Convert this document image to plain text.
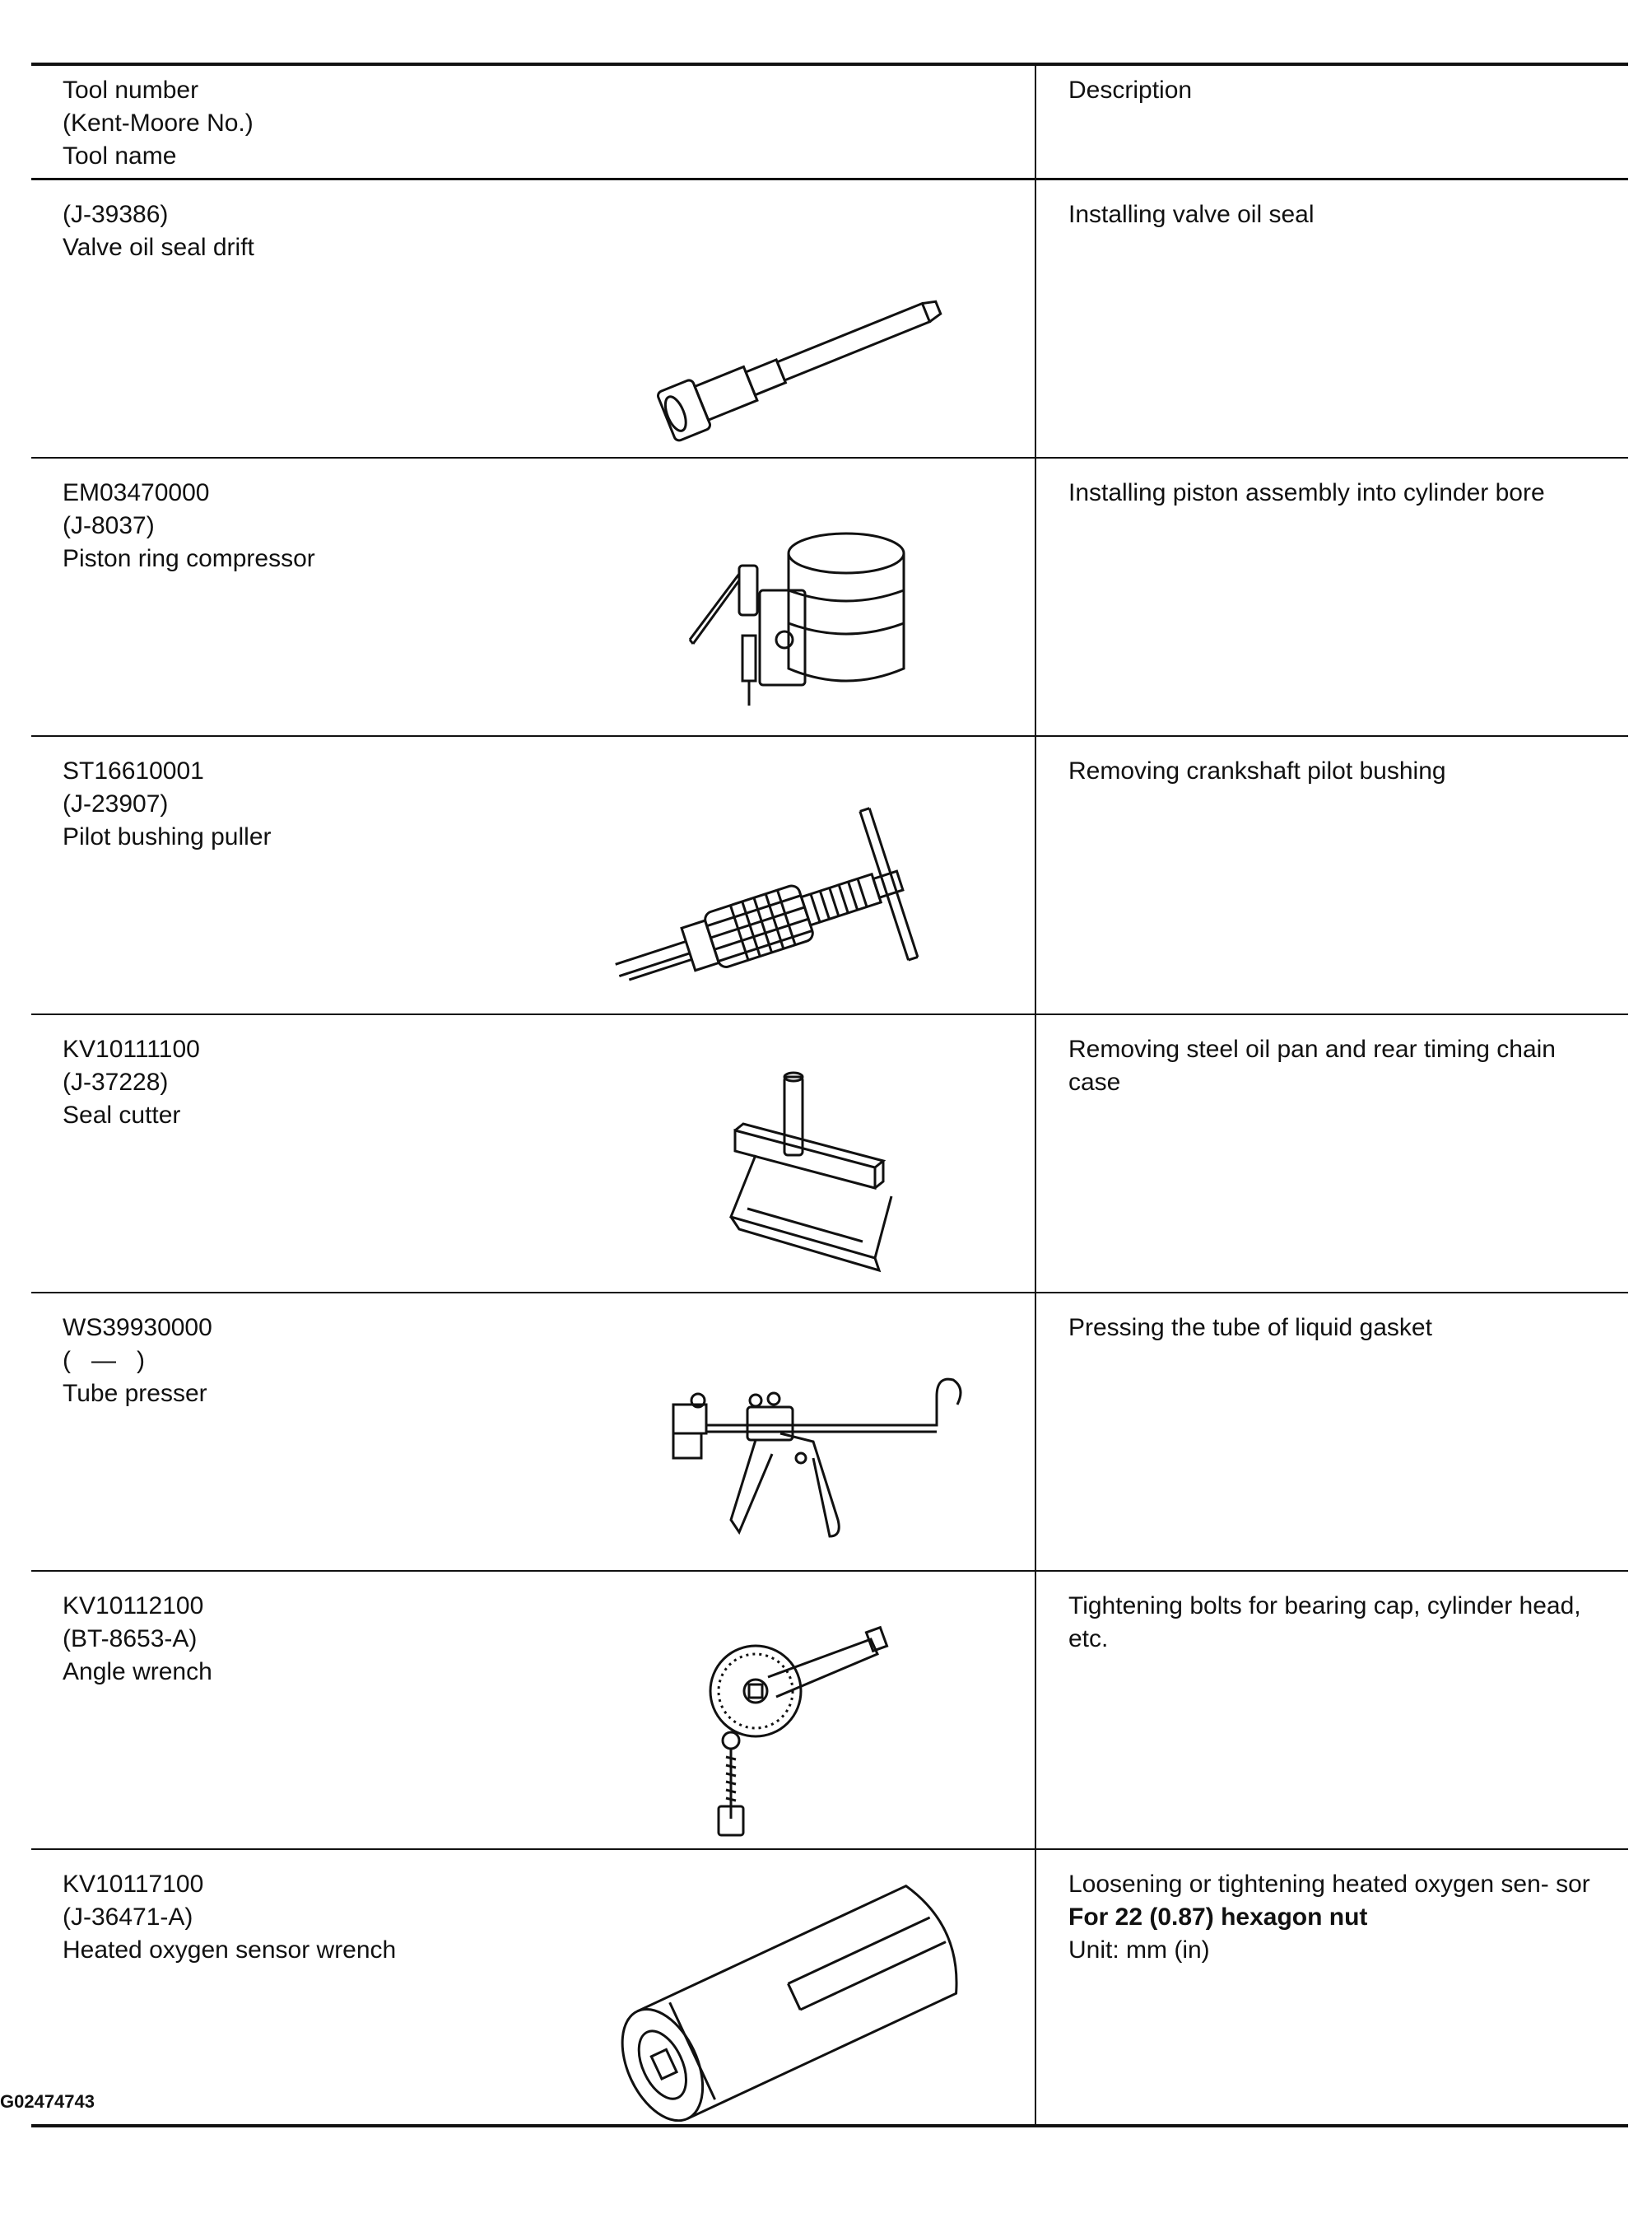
Tool number
(Kent-Moore No.)
Tool name
Description
(J-39386)
Valve oil seal drift
Installing valve oil seal
EM03470000
(J-8037)
Piston ring compressor
Installing piston assembly into cylinder bore
ST16610001
(J-23907)
Pilot bushing puller
Removing crankshaft pilot bushing
KV10111100
(J-37228)
Seal cutter
Removing steel oil pan and rear timing chain case
WS39930000
(   —   )
Tube presser
Pressing the tube of liquid gasket
KV10112100
(BT-8653-A)
Angle wrench
Tightening bolts for bearing cap, cylinder head, etc.
KV10117100
(J-36471-A)
Heated oxygen sensor wrench
Loosening or tightening heated oxygen sen- sor
For 22 (0.87) hexagon nut
Unit: mm (in)
G02474743
